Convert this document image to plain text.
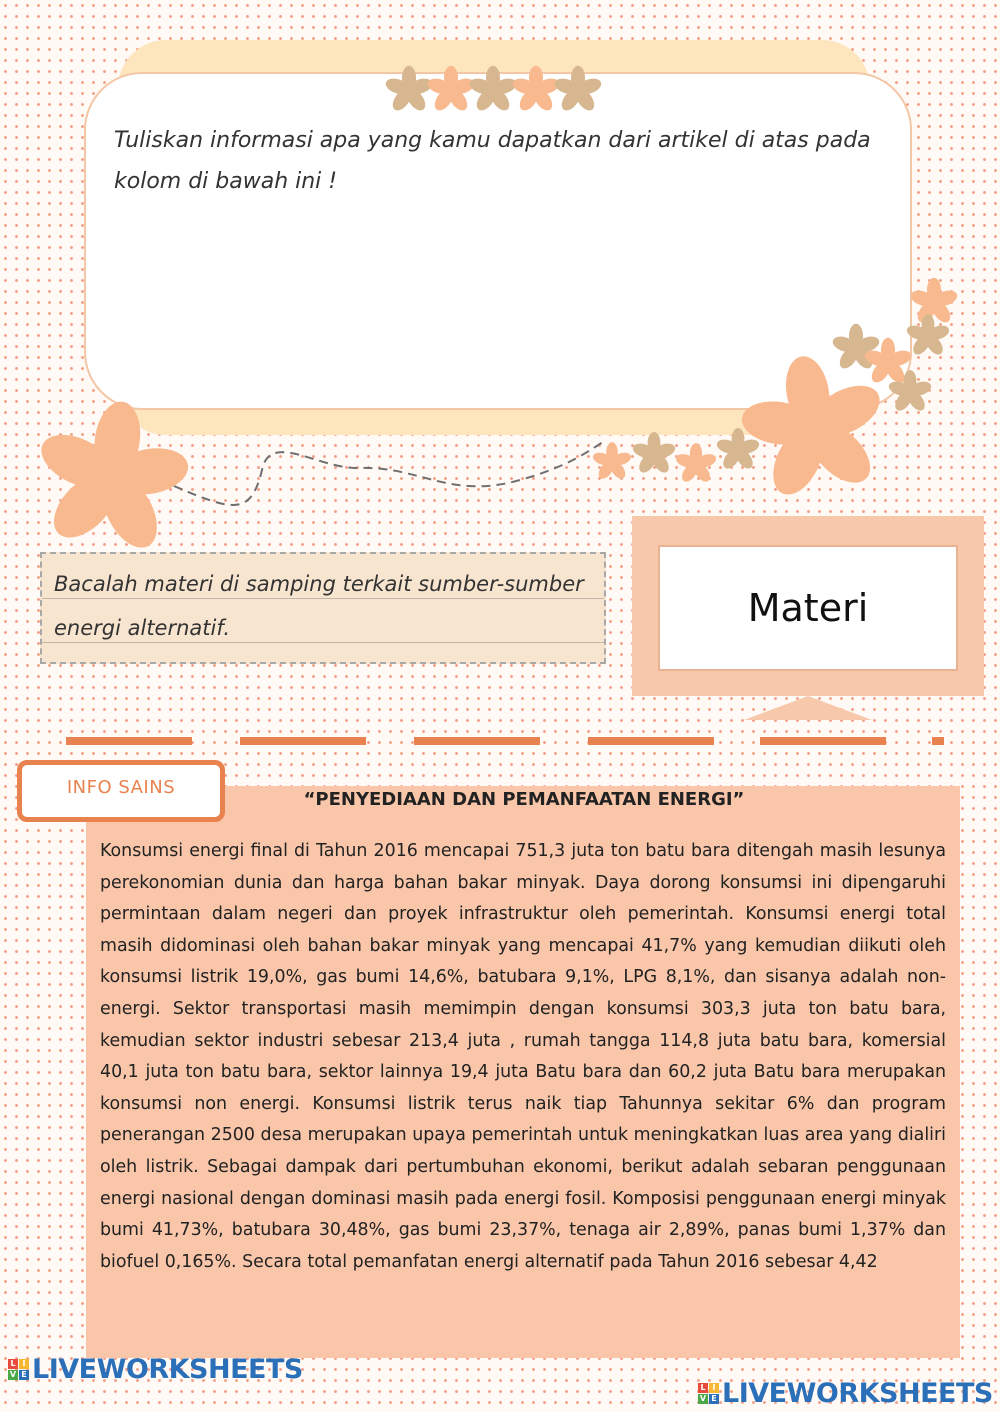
Tuliskan informasi apa yang kamu dapatkan dari artikel di atas pada kolom di bawah ini !
Bacalah materi di samping terkait sumber-sumber energi alternatif.	Materi
INFO SAINS
“PENYEDIAAN DAN PEMANFAATAN ENERGI”
Konsumsi energi final di Tahun 2016 mencapai 751,3 juta ton batu bara ditengah masih lesunya perekonomian dunia dan harga bahan bakar minyak. Daya dorong konsumsi ini dipengaruhi permintaan dalam negeri dan proyek infrastruktur oleh pemerintah. Konsumsi energi total masih didominasi oleh bahan bakar minyak yang mencapai 41,7% yang kemudian diikuti oleh konsumsi listrik 19,0%, gas bumi 14,6%, batubara 9,1%, LPG 8,1%, dan sisanya adalah non-energi. Sektor transportasi masih memimpin dengan konsumsi 303,3 juta ton batu bara, kemudian sektor industri sebesar 213,4 juta , rumah tangga 114,8 juta batu bara, komersial 40,1 juta ton batu bara, sektor lainnya 19,4 juta Batu bara dan 60,2 juta Batu bara merupakan konsumsi non energi. Konsumsi listrik terus naik tiap Tahunnya sekitar 6% dan program penerangan 2500 desa merupakan upaya pemerintah untuk meningkatkan luas area yang dialiri oleh listrik. Sebagai dampak dari pertumbuhan ekonomi, berikut adalah sebaran penggunaan energi nasional dengan dominasi masih pada energi fosil. Komposisi penggunaan energi minyak bumi 41,73%, batubara 30,48%, gas bumi 23,37%, tenaga air 2,89%, panas bumi 1,37% dan biofuel 0,165%. Secara total pemanfatan energi alternatif pada Tahun 2016 sebesar 4,42
L I
V E LIVEWORKSHEETS
L I
V E LIVEWORKSHEETS
